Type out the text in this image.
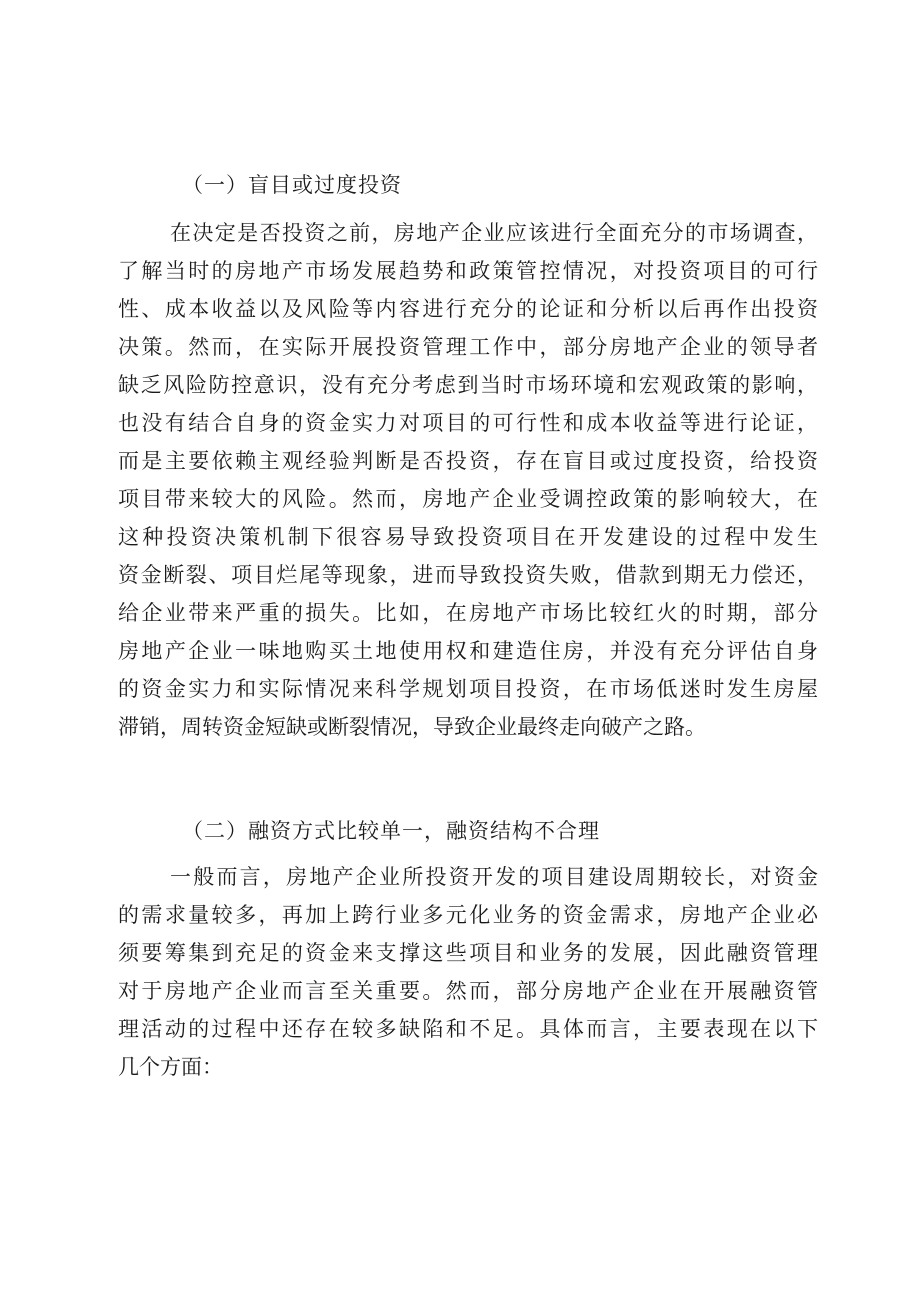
（一）盲目或过度投资
在决定是否投资之前，房地产企业应该进行全面充分的市场调查，
了解当时的房地产市场发展趋势和政策管控情况，对投资项目的可行
性、成本收益以及风险等内容进行充分的论证和分析以后再作出投资
决策。然而，在实际开展投资管理工作中，部分房地产企业的领导者
缺乏风险防控意识，没有充分考虑到当时市场环境和宏观政策的影响，
也没有结合自身的资金实力对项目的可行性和成本收益等进行论证，
而是主要依赖主观经验判断是否投资，存在盲目或过度投资，给投资
项目带来较大的风险。然而，房地产企业受调控政策的影响较大，在
这种投资决策机制下很容易导致投资项目在开发建设的过程中发生
资金断裂、项目烂尾等现象，进而导致投资失败，借款到期无力偿还，
给企业带来严重的损失。比如，在房地产市场比较红火的时期，部分
房地产企业一味地购买土地使用权和建造住房，并没有充分评估自身
的资金实力和实际情况来科学规划项目投资，在市场低迷时发生房屋
滞销，周转资金短缺或断裂情况，导致企业最终走向破产之路。
（二）融资方式比较单一，融资结构不合理
一般而言，房地产企业所投资开发的项目建设周期较长，对资金
的需求量较多，再加上跨行业多元化业务的资金需求，房地产企业必
须要筹集到充足的资金来支撑这些项目和业务的发展，因此融资管理
对于房地产企业而言至关重要。然而，部分房地产企业在开展融资管
理活动的过程中还存在较多缺陷和不足。具体而言，主要表现在以下
几个方面：
